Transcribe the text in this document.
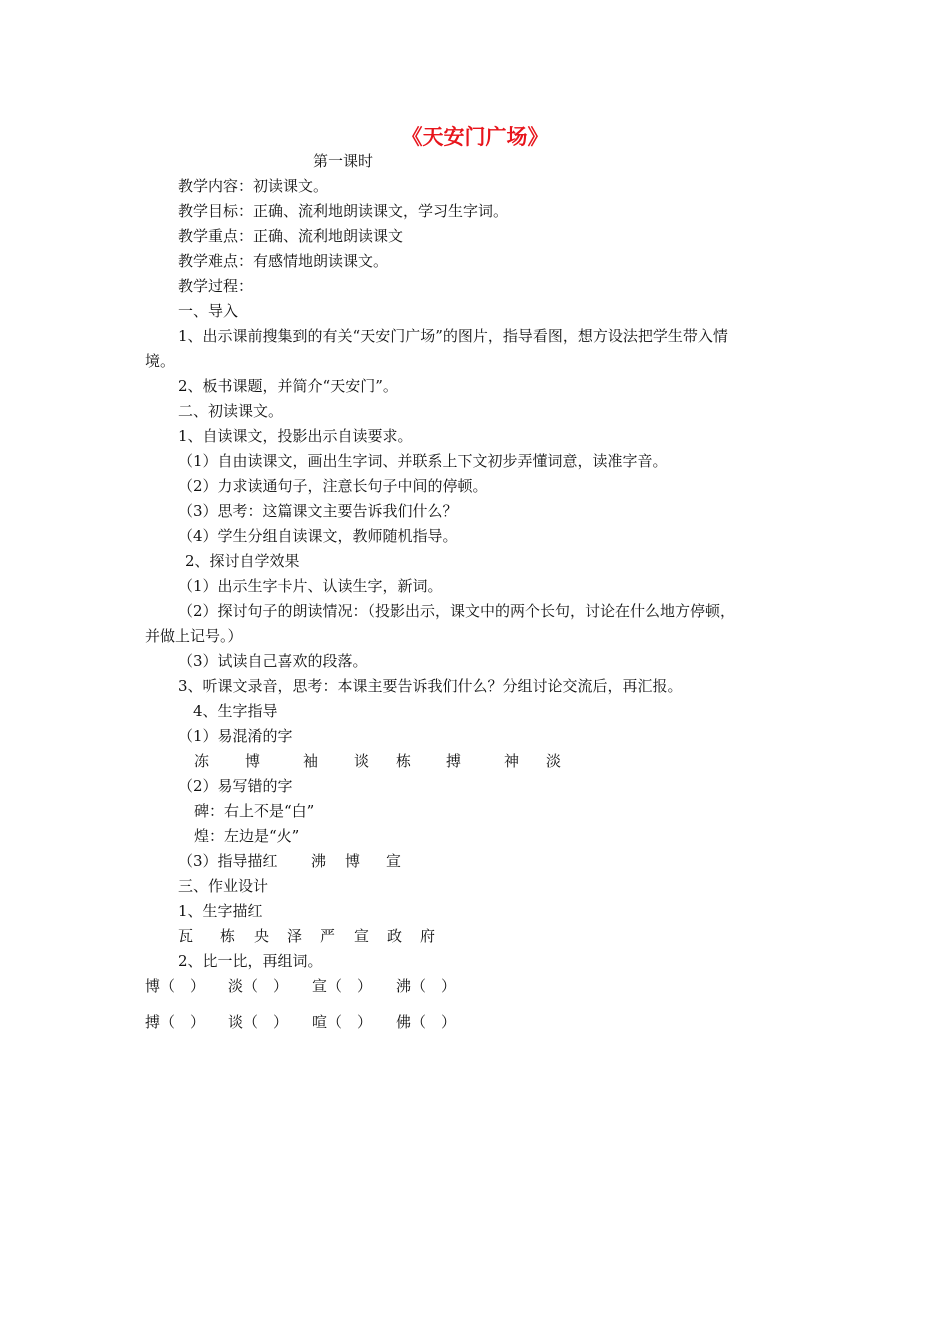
《天安门广场》

第一课时

教学内容：初读课文。

教学目标：正确、流利地朗读课文，学习生字词。

教学重点：正确、流利地朗读课文

教学难点：有感情地朗读课文。

教学过程：

一、导入

1、出示课前搜集到的有关“天安门广场”的图片，指导看图，想方设法把学生带入情

境。

2、板书课题，并简介“天安门”。

二、初读课文。

1、自读课文，投影出示自读要求。

（1）自由读课文，画出生字词、并联系上下文初步弄懂词意，读准字音。

（2）力求读通句子，注意长句子中间的停顿。

（3）思考：这篇课文主要告诉我们什么？

（4）学生分组自读课文，教师随机指导。

2、探讨自学效果

（1）出示生字卡片、认读生字，新词。

（2）探讨句子的朗读情况：（投影出示，课文中的两个长句，讨论在什么地方停顿，

并做上记号。）

（3）试读自己喜欢的段落。

3、听课文录音，思考：本课主要告诉我们什么？分组讨论交流后，再汇报。

4、生字指导

（1）易混淆的字

冻 博	袖 谈 栋 搏	神 淡

（2）易写错的字

碑：右上不是“白”

煌：左边是“火”

（3）指导描红 沸 博 宣

三、作业设计

1、生字描红

瓦 栋 央 泽 严 宣 政 府

2、比一比，再组词。

博（　） 淡（　） 宣（　） 沸（　）
搏（　） 谈（　） 喧（　） 佛（　）
